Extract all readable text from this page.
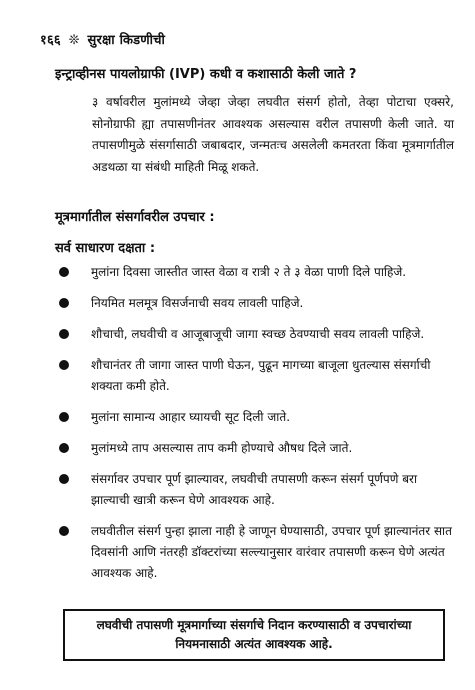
१६६ ❊ सुरक्षा किडणीची
इन्ट्राव्हीनस पायलोग्राफी (IVP) कधी व कशासाठी केली जाते ?
३ वर्षावरील मुलांमध्ये जेव्हा जेव्हा लघवीत संसर्ग होतो, तेव्हा पोटाचा एक्सरे, सोनोग्राफी ह्या तपासणीनंतर आवश्यक असल्यास वरील तपासणी केली जाते. या तपासणीमुळे संसर्गासाठी जबाबदार, जन्मतःच असलेली कमतरता किंवा मूत्रमार्गातील अडथळा या संबंधी माहिती मिळू शकते.
मूत्रमार्गातील संसर्गावरील उपचार :
सर्व साधारण दक्षता :
मुलांना दिवसा जास्तीत जास्त वेळा व रात्री २ ते ३ वेळा पाणी दिले पाहिजे.
नियमित मलमूत्र विसर्जनाची सवय लावली पाहिजे.
शौचाची, लघवीची व आजूबाजूची जागा स्वच्छ ठेवण्याची सवय लावली पाहिजे.
शौचानंतर ती जागा जास्त पाणी घेऊन, पुढून मागच्या बाजूला धुतल्यास संसर्गाची शक्यता कमी होते.
मुलांना सामान्य आहार घ्यायची सूट दिली जाते.
मुलांमध्ये ताप असल्यास ताप कमी होण्याचे औषध दिले जाते.
संसर्गावर उपचार पूर्ण झाल्यावर, लघवीची तपासणी करून संसर्ग पूर्णपणे बरा झाल्याची खात्री करून घेणे आवश्यक आहे.
लघवीतील संसर्ग पुन्हा झाला नाही हे जाणून घेण्यासाठी, उपचार पूर्ण झाल्यानंतर सात दिवसांनी आणि नंतरही डॉक्टरांच्या सल्ल्यानुसार वारंवार तपासणी करून घेणे अत्यंत आवश्यक आहे.
लघवीची तपासणी मूत्रमार्गाच्या संसर्गाचे निदान करण्यासाठी व उपचारांच्या नियमनासाठी अत्यंत आवश्यक आहे.
